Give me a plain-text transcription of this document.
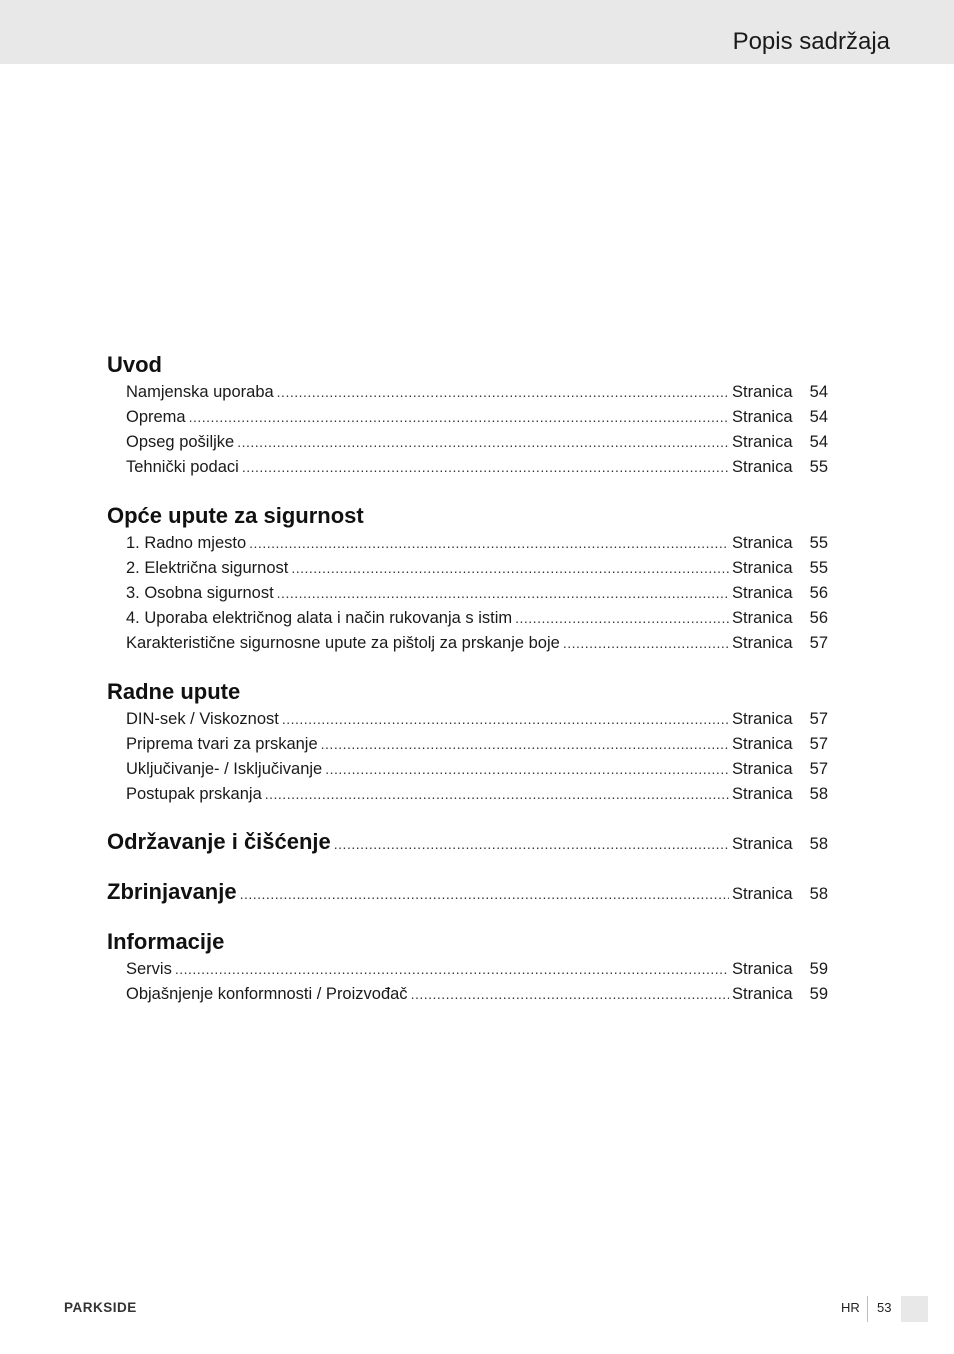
Popis sadržaja
Uvod
Namjenska uporaba .....	Stranica	54
Oprema .....	Stranica	54
Opseg pošiljke .....	Stranica	54
Tehnički podaci .....	Stranica	55
Opće upute za sigurnost
1. Radno mjesto .....	Stranica	55
2. Električna sigurnost .....	Stranica	55
3. Osobna sigurnost .....	Stranica	56
4. Uporaba električnog alata i način rukovanja s istim .....	Stranica	56
Karakteristične sigurnosne upute za pištolj za prskanje boje .....	Stranica	57
Radne upute
DIN-sek / Viskoznost .....	Stranica	57
Priprema tvari za prskanje .....	Stranica	57
Uključivanje- / Isključivanje .....	Stranica	57
Postupak prskanja .....	Stranica	58
Održavanje i čišćenje .....	Stranica	58
Zbrinjavanje .....	Stranica	58
Informacije
Servis .....	Stranica	59
Objašnjenje konformnosti / Proizvođač .....	Stranica	59
PARKSIDE	HR 53
